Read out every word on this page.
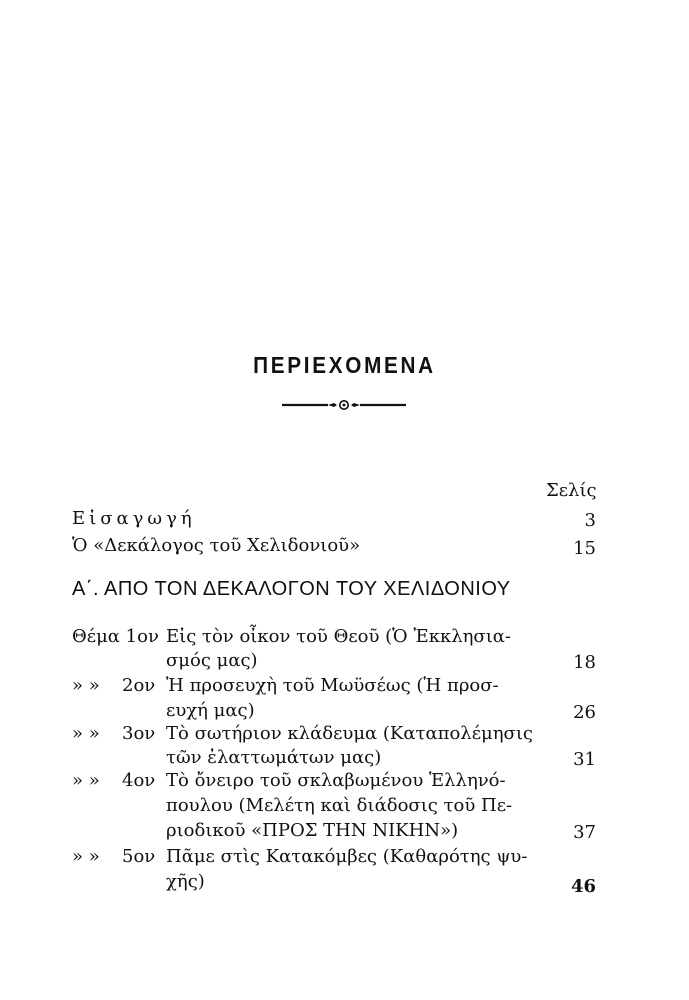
ΠΕΡΙΕΧΟΜΕΝΑ
Σελίς
Εἰσαγωγή	3
Ὁ «Δεκάλογος τοῦ Χελιδονιοῦ»	15
Α΄. ΑΠΟ ΤΟΝ ΔΕΚΑΛΟΓΟΝ ΤΟΥ ΧΕΛΙΔΟΝΙΟΥ
Θέμα 1ον Εἰς τὸν οἶκον τοῦ Θεοῦ (Ὁ Ἐκκλησια-
σμός μας)	18
» » 2ον Ἡ προσευχὴ τοῦ Μωϋσέως (Ἡ προσ-
ευχή μας)	26
» » 3ον Τὸ σωτήριον κλάδευμα (Καταπολέμησις
τῶν ἐλαττωμάτων μας)	31
» » 4ον Τὸ ὄνειρο τοῦ σκλαβωμένου Ἑλληνό-
πουλου (Μελέτη καὶ διάδοσις τοῦ Πε-
ριοδικοῦ «ΠΡΟΣ ΤΗΝ ΝΙΚΗΝ»)	37
» » 5ον Πᾶμε στὶς Κατακόμβες (Καθαρότης ψυ-
χῆς)	46
